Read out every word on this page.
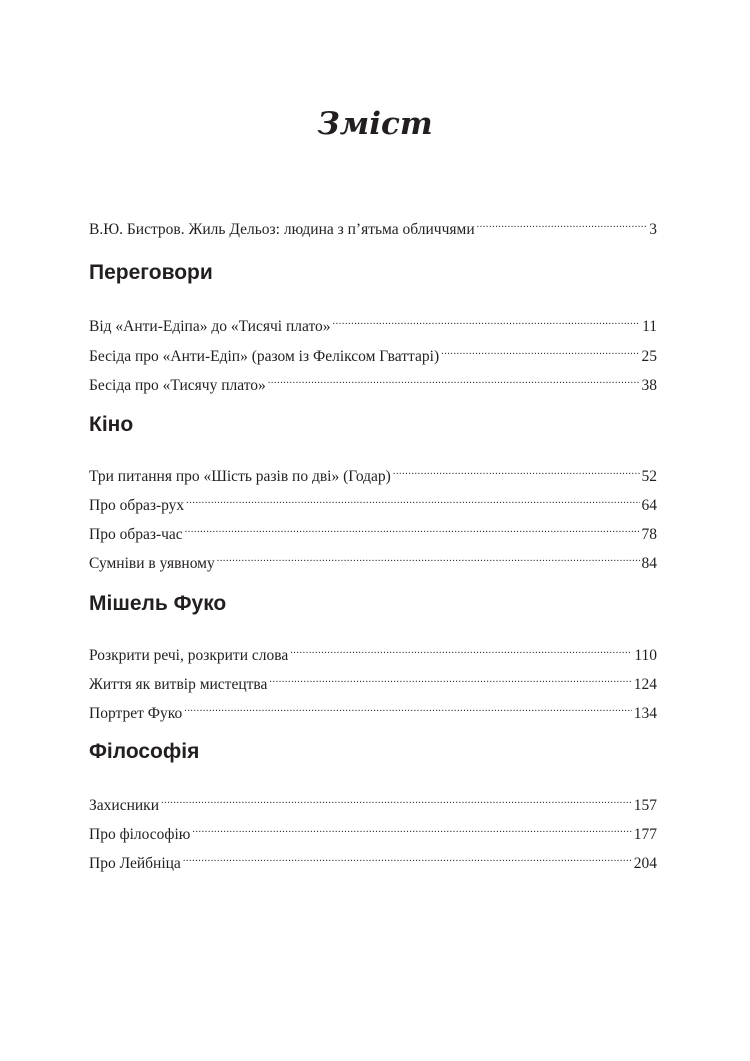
Зміст
В.Ю. Бистров. Жиль Дельоз: людина з п’ятьма обличчями .....	3
Переговори
Від «Анти-Едіпа» до «Тисячі плато» .....	11
Бесіда про «Анти-Едіп» (разом із Феліксом Гваттарі) .....	25
Бесіда про «Тисячу плато» .....	38
Кіно
Три питання про «Шість разів по дві» (Годар) .....	52
Про образ-рух .....	64
Про образ-час .....	78
Сумніви в уявному .....	84
Мішель Фуко
Розкрити речі, розкрити слова .....	110
Життя як витвір мистецтва .....	124
Портрет Фуко .....	134
Філософія
Захисники .....	157
Про філософію .....	177
Про Лейбніца .....	204
